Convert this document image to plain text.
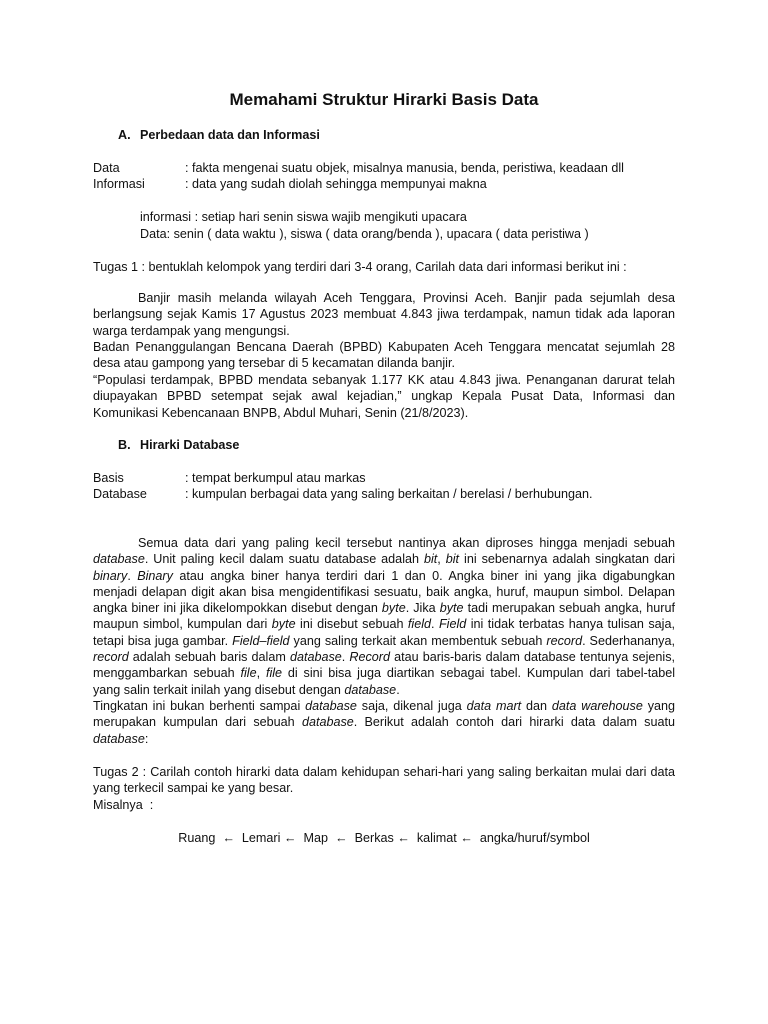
Memahami Struktur Hirarki Basis Data
A. Perbedaan data dan Informasi
Data	: fakta mengenai suatu objek, misalnya manusia, benda, peristiwa, keadaan dll
Informasi	: data yang sudah diolah sehingga mempunyai makna
informasi : setiap hari senin siswa wajib mengikuti upacara
Data: senin ( data waktu ), siswa ( data orang/benda ), upacara ( data peristiwa )
Tugas 1 : bentuklah kelompok yang terdiri dari 3-4 orang, Carilah data dari informasi berikut ini :
Banjir masih melanda wilayah Aceh Tenggara, Provinsi Aceh. Banjir pada sejumlah desa berlangsung sejak Kamis 17 Agustus 2023 membuat 4.843 jiwa terdampak, namun tidak ada laporan warga terdampak yang mengungsi.
Badan Penanggulangan Bencana Daerah (BPBD) Kabupaten Aceh Tenggara mencatat sejumlah 28 desa atau gampong yang tersebar di 5 kecamatan dilanda banjir.
“Populasi terdampak, BPBD mendata sebanyak 1.177 KK atau 4.843 jiwa. Penanganan darurat telah diupayakan BPBD setempat sejak awal kejadian,” ungkap Kepala Pusat Data, Informasi dan Komunikasi Kebencanaan BNPB, Abdul Muhari, Senin (21/8/2023).
B. Hirarki Database
Basis	: tempat berkumpul atau markas
Database	: kumpulan berbagai data yang saling berkaitan / berelasi / berhubungan.
Semua data dari yang paling kecil tersebut nantinya akan diproses hingga menjadi sebuah database. Unit paling kecil dalam suatu database adalah bit, bit ini sebenarnya adalah singkatan dari binary. Binary atau angka biner hanya terdiri dari 1 dan 0. Angka biner ini yang jika digabungkan menjadi delapan digit akan bisa mengidentifikasi sesuatu, baik angka, huruf, maupun simbol. Delapan angka biner ini jika dikelompokkan disebut dengan byte. Jika byte tadi merupakan sebuah angka, huruf maupun simbol, kumpulan dari byte ini disebut sebuah field. Field ini tidak terbatas hanya tulisan saja, tetapi bisa juga gambar. Field–field yang saling terkait akan membentuk sebuah record. Sederhananya, record adalah sebuah baris dalam database. Record atau baris-baris dalam database tentunya sejenis, menggambarkan sebuah file, file di sini bisa juga diartikan sebagai tabel. Kumpulan dari tabel-tabel yang salin terkait inilah yang disebut dengan database.
Tingkatan ini bukan berhenti sampai database saja, dikenal juga data mart dan data warehouse yang merupakan kumpulan dari sebuah database. Berikut adalah contoh dari hirarki data dalam suatu database:
Tugas 2 : Carilah contoh hirarki data dalam kehidupan sehari-hari yang saling berkaitan mulai dari data yang terkecil sampai ke yang besar.
Misalnya  :
Ruang  ←  Lemari ←  Map  ←  Berkas ←  kalimat ←  angka/huruf/symbol
